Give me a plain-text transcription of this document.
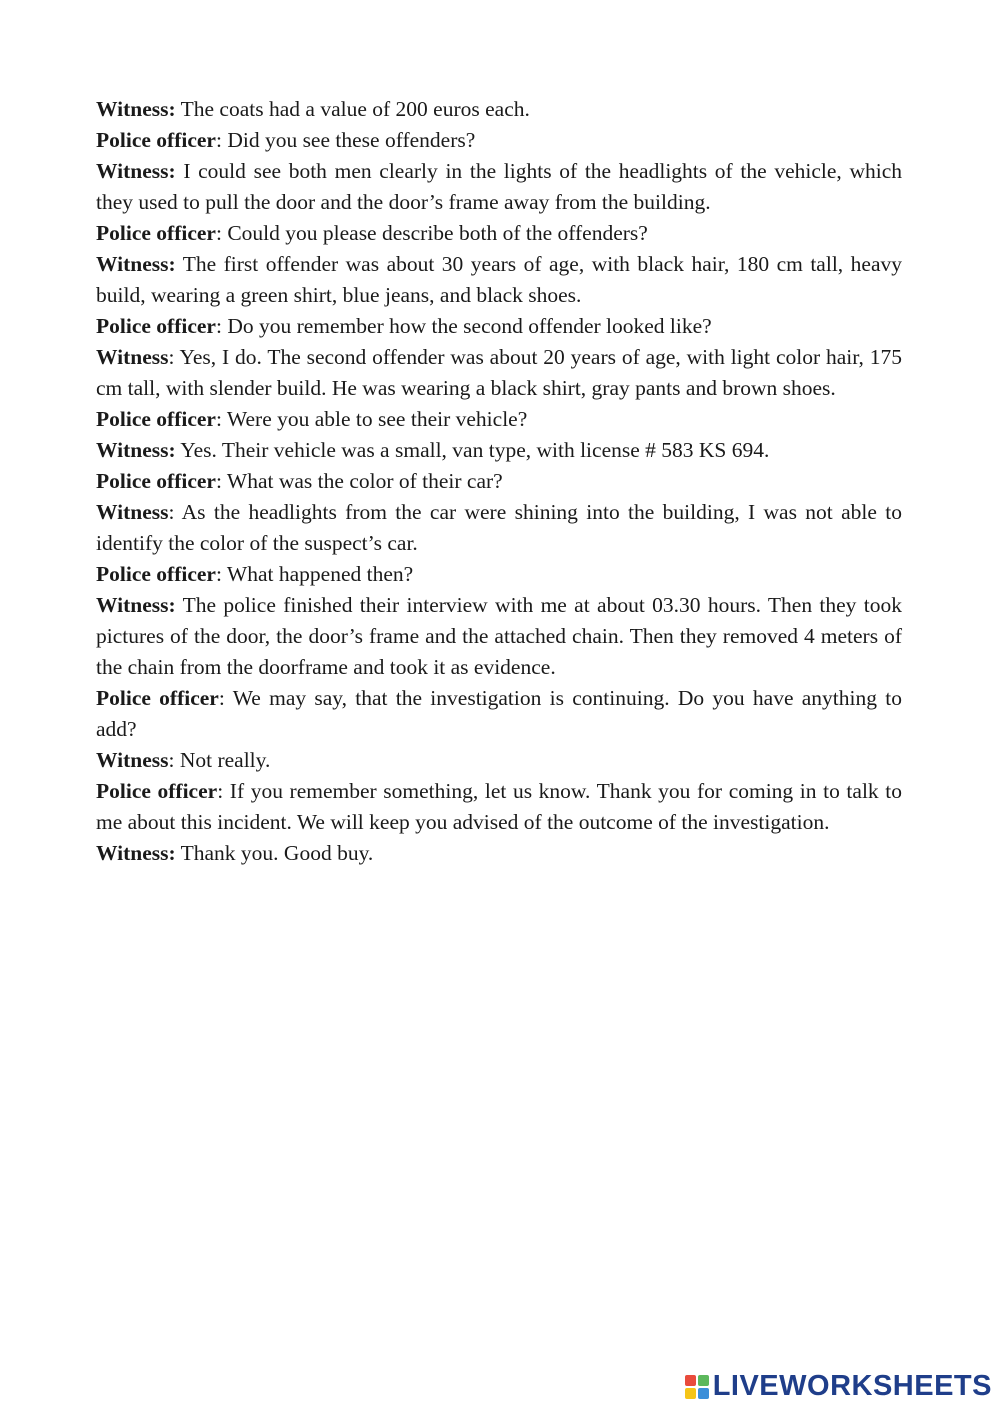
Witness: The coats had a value of 200 euros each.

Police officer: Did you see these offenders?

Witness: I could see both men clearly in the lights of the headlights of the vehicle, which they used to pull the door and the door’s frame away from the building.

Police officer: Could you please describe both of the offenders?

Witness: The first offender was about 30 years of age, with black hair, 180 cm tall, heavy build, wearing a green shirt, blue jeans, and black shoes.

Police officer: Do you remember how the second offender looked like?

Witness: Yes, I do. The second offender was about 20 years of age, with light color hair, 175 cm tall, with slender build. He was wearing a black shirt, gray pants and brown shoes.

Police officer: Were you able to see their vehicle?

Witness: Yes. Their vehicle was a small, van type, with license # 583 KS 694.

Police officer: What was the color of their car?

Witness: As the headlights from the car were shining into the building, I was not able to identify the color of the suspect’s car.

Police officer: What happened then?

Witness: The police finished their interview with me at about 03.30 hours. Then they took pictures of the door, the door’s frame and the attached chain. Then they removed 4 meters of the chain from the doorframe and took it as evidence.

Police officer: We may say, that the investigation is continuing. Do you have anything to add?

Witness: Not really.

Police officer: If you remember something, let us know. Thank you for coming in to talk to me about this incident. We will keep you advised of the outcome of the investigation.

Witness: Thank you. Good buy.

LIVEWORKSHEETS
